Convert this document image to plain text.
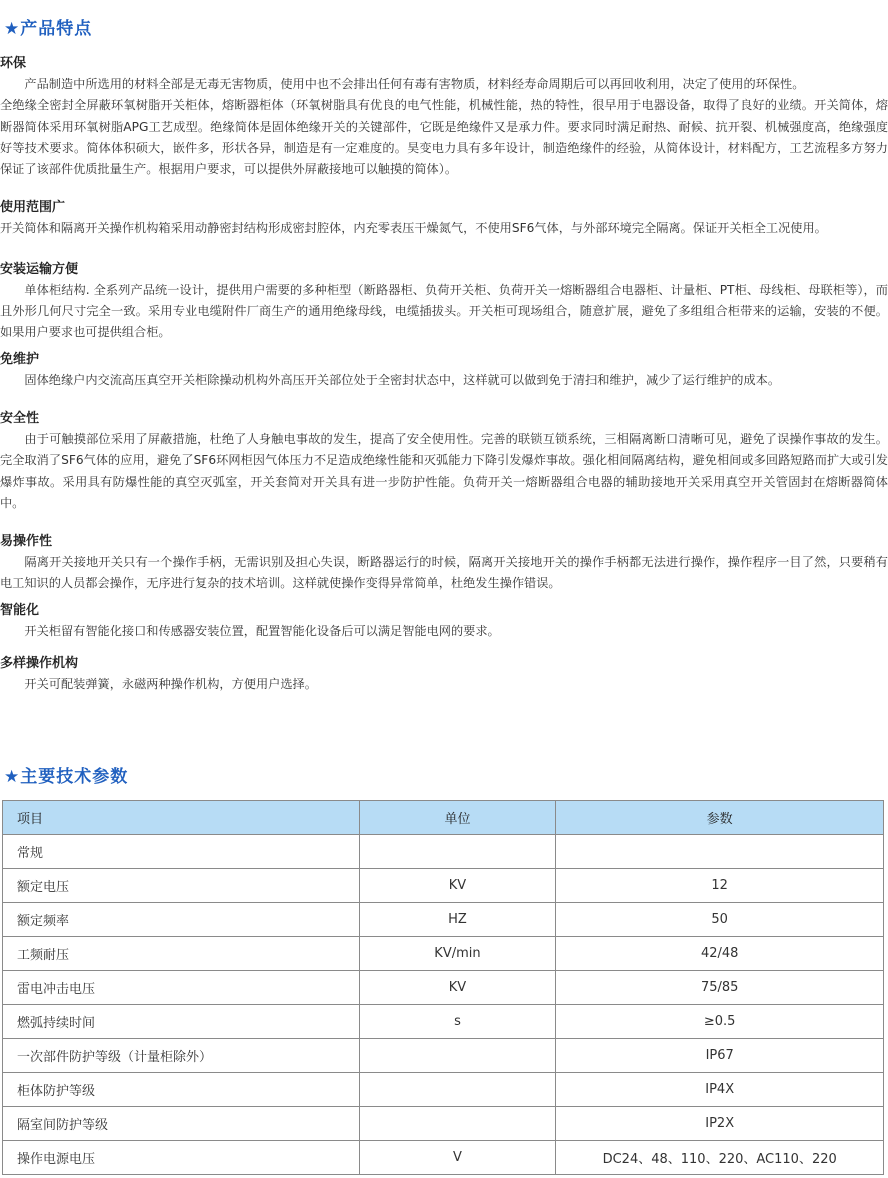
★产品特点

环保

产品制造中所选用的材料全部是无毒无害物质，使用中也不会排出任何有毒有害物质，材料经寿命周期后可以再回收利用，决定了使用的环保性。

全绝缘全密封全屏蔽环氧树脂开关柜体，熔断器柜体（环氧树脂具有优良的电气性能，机械性能，热的特性，很早用于电器设备，取得了良好的业绩。开关简体，熔断器简体采用环氧树脂APG工艺成型。绝缘简体是固体绝缘开关的关键部件，它既是绝缘件又是承力件。要求同时满足耐热、耐候、抗开裂、机械强度高，绝缘强度好等技术要求。简体体积硕大，嵌件多，形状各异，制造是有一定难度的。昊变电力具有多年设计，制造绝缘件的经验，从简体设计，材料配方，工艺流程多方努力保证了该部件优质批量生产。根据用户要求，可以提供外屏蔽接地可以触摸的简体）。

使用范围广

开关简体和隔离开关操作机构箱采用动静密封结构形成密封腔体，内充零表压干燥氮气，不使用SF6气体，与外部环境完全隔离。保证开关柜全工况使用。

安装运输方便

单体柜结构. 全系列产品统一设计，提供用户需要的多种柜型（断路器柜、负荷开关柜、负荷开关一熔断器组合电器柜、计量柜、PT柜、母线柜、母联柜等），而且外形几何尺寸完全一致。采用专业电缆附件厂商生产的通用绝缘母线，电缆插拔头。开关柜可现场组合，随意扩展，避免了多组组合柜带来的运输，安装的不便。如果用户要求也可提供组合柜。

免维护

固体绝缘户内交流高压真空开关柜除操动机构外高压开关部位处于全密封状态中，这样就可以做到免于清扫和维护，减少了运行维护的成本。

安全性

由于可触摸部位采用了屏蔽措施，杜绝了人身触电事故的发生，提高了安全使用性。完善的联锁互锁系统，三相隔离断口清晰可见，避免了误操作事故的发生。完全取消了SF6气体的应用，避免了SF6环网柜因气体压力不足造成绝缘性能和灭弧能力下降引发爆炸事故。强化相间隔离结构，避免相间或多回路短路而扩大或引发爆炸事故。采用具有防爆性能的真空灭弧室，开关套简对开关具有进一步防护性能。负荷开关一熔断器组合电器的辅助接地开关采用真空开关管固封在熔断器简体中。

易操作性

隔离开关接地开关只有一个操作手柄，无需识别及担心失误，断路器运行的时候，隔离开关接地开关的操作手柄都无法进行操作，操作程序一目了然，只要稍有电工知识的人员都会操作，无序进行复杂的技术培训。这样就使操作变得异常简单，杜绝发生操作错误。

智能化

开关柜留有智能化接口和传感器安装位置，配置智能化设备后可以满足智能电网的要求。

多样操作机构

开关可配装弹簧，永磁两种操作机构，方便用户选择。

★主要技术参数
项目	单位	参数
常规		
额定电压	KV	12
额定频率	HZ	50
工频耐压	KV/min	42/48
雷电冲击电压	KV	75/85
燃弧持续时间	s	≥0.5
一次部件防护等级（计量柜除外）		IP67
柜体防护等级		IP4X
隔室间防护等级		IP2X
操作电源电压	V	DC24、48、110、220、AC110、220
